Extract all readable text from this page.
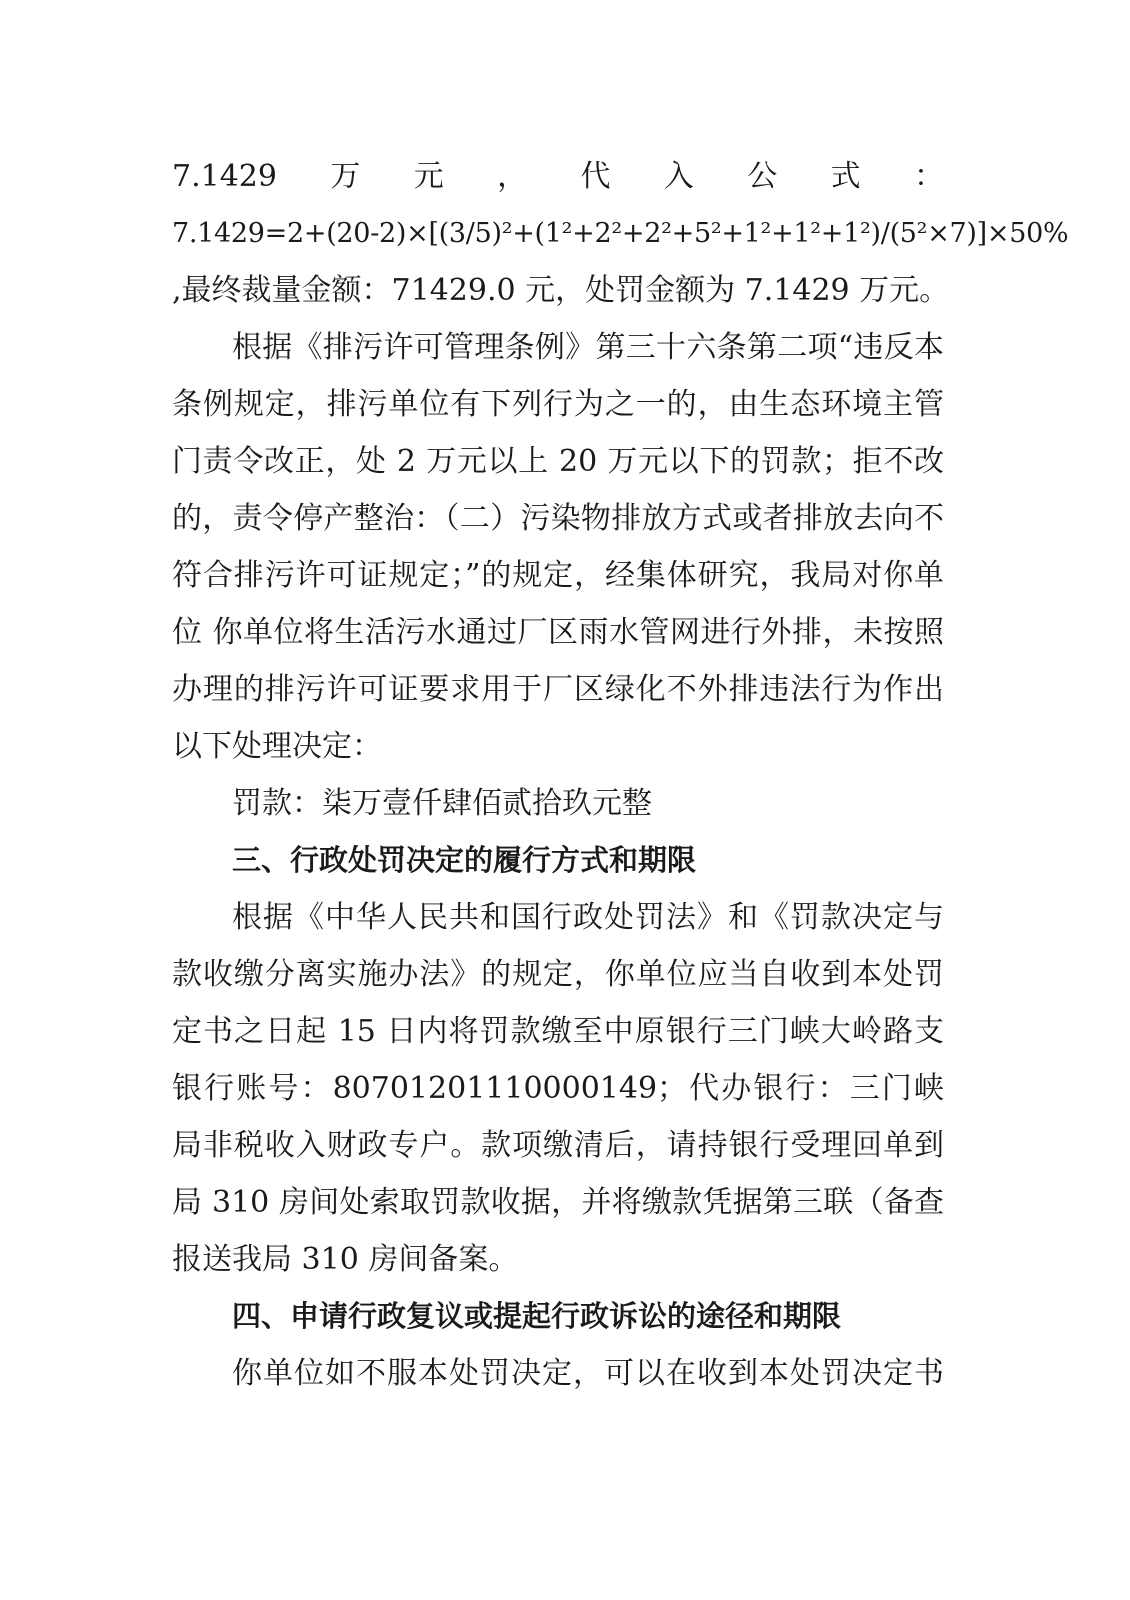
7.1429 万 元 ， 代 入 公 式 ：
7.1429=2+(20-2)×[(3/5)²+(1²+2²+2²+5²+1²+1²+1²)/(5²×7)]×50%
,最终裁量金额：71429.0 元，处罚金额为 7.1429 万元。
根据《排污许可管理条例》第三十六条第二项“违反本
条例规定，排污单位有下列行为之一的，由生态环境主管
门责令改正，处 2 万元以上 20 万元以下的罚款；拒不改
的，责令停产整治：（二）污染物排放方式或者排放去向不
符合排污许可证规定；”的规定，经集体研究，我局对你单
位 你单位将生活污水通过厂区雨水管网进行外排，未按照
办理的排污许可证要求用于厂区绿化不外排违法行为作出
以下处理决定：
罚款：柒万壹仟肆佰贰拾玖元整
三、行政处罚决定的履行方式和期限
根据《中华人民共和国行政处罚法》和《罚款决定与
款收缴分离实施办法》的规定，你单位应当自收到本处罚
定书之日起 15 日内将罚款缴至中原银行三门峡大岭路支
银行账号：80701201110000149；代办银行：三门峡
局非税收入财政专户。款项缴清后，请持银行受理回单到
局 310 房间处索取罚款收据，并将缴款凭据第三联（备查
报送我局 310 房间备案。
四、申请行政复议或提起行政诉讼的途径和期限
你单位如不服本处罚决定，可以在收到本处罚决定书
